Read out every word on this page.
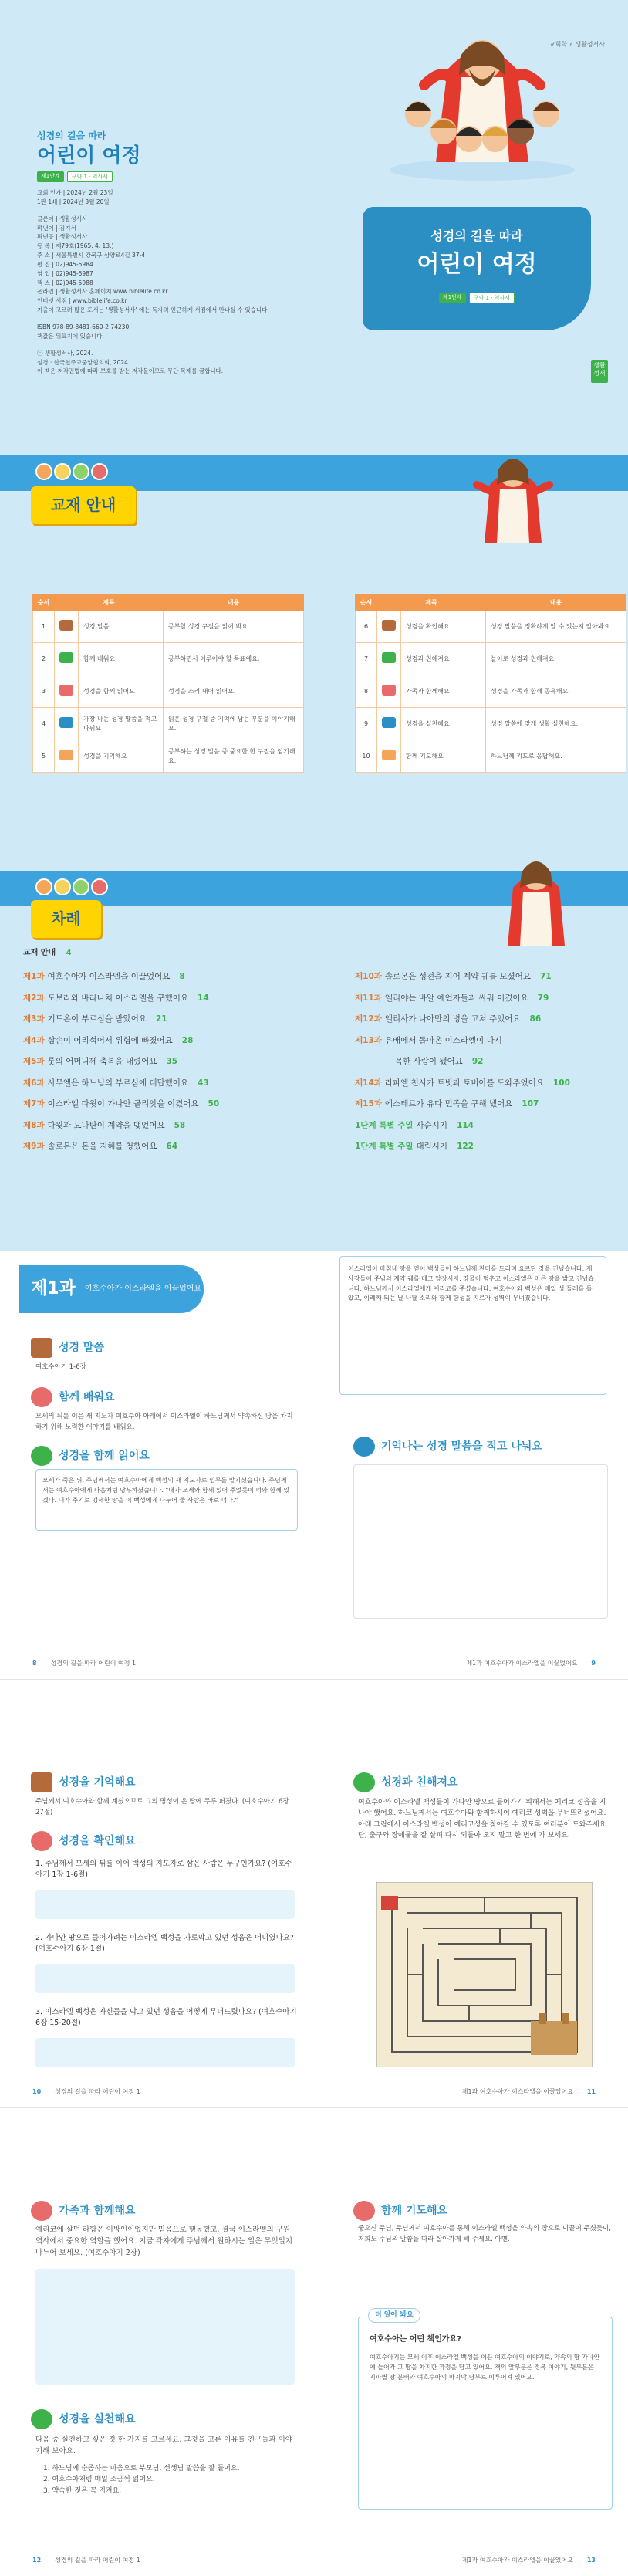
교회학교 생활성서사
성경의 길을 따라
어린이 여정
제1단계	구약 1 · 역사서
교회 인가 | 2024년 2월 23일
1판 1쇄 | 2024년 3월 20일
글쓴이 | 생활성서사
펴낸이 | 김기서
펴낸곳 | 생활성서사
등 록 | 제79호(1965. 4. 13.)
주 소 | 서울특별시 강북구 삼양로4길 37-4
편 집 | 02)945-5984
영 업 | 02)945-5987
팩 스 | 02)945-5988
온라인 | 생활성서사 홈페이지 www.biblelife.co.kr
인터넷 서점 | www.biblelife.co.kr
기출이 고르려 많은 도서는 '생활성서사' 에는 독자의 인근하게 서점에서 만나실 수 있습니다.
ISBN 978-89-8481-660-2 74230
책값은 뒤표지에 있습니다.
ⓒ 생활성서사, 2024.
성경 · 한국천주교중앙협의회, 2024.
이 책은 저작권법에 따라 보호를 받는 저작물이므로 무단 복제를 금합니다.
성경의 길을 따라
어린이 여정
제1단계	구약 1 · 역사서
생활 성서
교재 안내
순서	제목		내용
1		성경 말씀	공부할 성경 구절을 읽어 봐요.
2		함께 배워요	공부하면서 이루어야 할 목표예요.
3		성경을 함께 읽어요	성경을 소리 내어 읽어요.
4		가장 나는 성경 말씀을 적고 나눠요	읽은 성경 구절 중 기억에 남는 부분을 이야기해요.
5		성경을 기억해요	공부하는 성경 말씀 중 중요한 한 구절을 암기해요.
순서	제목		내용
6		성경을 확인해요	성경 말씀을 정확하게 알 수 있는지 알아봐요.
7		성경과 친해져요	놀이로 성경과 친해져요.
8		가족과 함께해요	성경을 가족과 함께 공유해요.
9		성경을 실천해요	성경 말씀에 맞게 생활 실천해요.
10		함께 기도해요	하느님께 기도로 응답해요.
차례
교재 안내 4
제1과 여호수아가 이스라엘을 이끌었어요 8
제2과 도보라와 바라나쳐 이스라엘을 구했어요 14
제3과 기드온이 부르심을 받았어요 21
제4과 삼손이 어리석어서 위험에 빠졌어요 28
제5과 룻의 어머니께 축복을 내렸어요 35
제6과 사무엘은 하느님의 부르심에 대답했어요 43
제7과 이스라엘 다윗이 가나안 골리앗을 이겼어요 50
제8과 다윗과 요나탄이 계약을 맺었어요 58
제9과 솔로몬은 돈을 지혜를 청했어요 64
제10과 솔로몬은 성전을 지어 계약 궤를 모셨어요 71
제11과 엘리야는 바알 예언자들과 싸워 이겼어요 79
제12과 엘리사가 나아만의 병을 고쳐 주었어요 86
제13과 유배에서 돌아온 이스라엘이 다시
목한 사람이 됐어요 92
제14과 라파엘 천사가 토빗과 토비아를 도와주었어요 100
제15과 에스테르가 유다 민족을 구해 냈어요 107
1단계 특별 주일 사순시기 114
1단계 특별 주일 대림시기 122
제1과 여호수아가 이스라엘을 이끌었어요
성경 말씀
여호수아기 1-6장
함께 배워요
모세의 뒤를 이은 새 지도자 여호수아 아래에서 이스라엘이 하느님께서 약속하신 땅을 차지하기 위해 노력한 이야기를 배워요.
성경을 함께 읽어요
모세가 죽은 뒤, 주님께서는 여호수아에게 백성의 새 지도자로 임무를 맡기셨습니다. 주님께서는 여호수아에게 다음처럼 당부하셨습니다. "내가 모세와 함께 있어 주었듯이 너와 함께 있겠다. 내가 주기로 맹세한 땅을 이 백성에게 나누어 줄 사람은 바로 너다."
이스라엘이 마침내 땅을 얻어 백성들이 하느님께 찬미를 드리며 요르단 강을 건넜습니다. 제사장들이 주님의 계약 궤를 메고 앞장서자, 강물이 멈추고 이스라엘은 마른 땅을 밟고 건넜습니다. 하느님께서 이스라엘에게 예리코를 주셨습니다. 여호수아와 백성은 매일 성 둘레를 돌았고, 이레째 되는 날 나팔 소리와 함께 함성을 지르자 성벽이 무너졌습니다.
기억나는 성경 말씀을 적고 나눠요
8 성경의 길을 따라 어린이 여정 1	제1과 여호수아가 이스라엘을 이끌었어요 9
성경을 기억해요
주님께서 여호수아와 함께 계셨으므로 그의 명성이 온 땅에 두루 퍼졌다. (여호수아기 6장 27절)
성경을 확인해요
1. 주님께서 모세의 뒤를 이어 백성의 지도자로 삼은 사람은 누구인가요? (여호수아기 1장 1-6절)
2. 가나안 땅으로 들어가려는 이스라엘 백성을 가로막고 있던 성읍은 어디였나요? (여호수아기 6장 1절)
3. 이스라엘 백성은 자신들을 막고 있던 성읍을 어떻게 무너뜨렸나요? (여호수아기 6장 15-20절)
성경과 친해져요
여호수아와 이스라엘 백성들이 가나안 땅으로 들어가기 위해서는 예리코 성읍을 지나야 했어요. 하느님께서는 여호수아와 함께하시어 예리코 성벽을 무너뜨리셨어요. 아래 그림에서 이스라엘 백성이 예리코성을 찾아갈 수 있도록 여러분이 도와주세요. 단, 출구와 장애물을 잘 살펴 다시 되돌아 오지 말고 한 번에 가 보세요.
10 성경의 길을 따라 어린이 여정 1	제1과 여호수아가 이스라엘을 이끌었어요 11
가족과 함께해요
예리코에 살던 라합은 이방인이었지만 믿음으로 행동했고, 결국 이스라엘의 구원 역사에서 중요한 역할을 했어요. 지금 각자에게 주님께서 원하시는 일은 무엇일지 나누어 보세요. (여호수아기 2장)
성경을 실천해요
다음 중 실천하고 싶은 것 한 가지를 고르세요. 그것을 고른 이유를 친구들과 이야기해 보아요.
1. 하느님께 순종하는 마음으로 부모님, 선생님 말씀을 잘 들어요.
2. 여호수아처럼 매일 조금씩 읽어요.
3. 약속한 것은 꼭 지켜요.
함께 기도해요
좋으신 주님, 주님께서 여호수아를 통해 이스라엘 백성을 약속의 땅으로 이끌어 주셨듯이, 저희도 주님의 말씀을 따라 살아가게 해 주세요. 아멘.
더 알아 봐요
여호수아는 어떤 책인가요?
여호수아기는 모세 이후 이스라엘 백성을 이끈 여호수아의 이야기로, 약속의 땅 가나안에 들어가 그 땅을 차지한 과정을 담고 있어요. 책의 앞부분은 정복 이야기, 뒷부분은 지파별 땅 분배와 여호수아의 마지막 당부로 이루어져 있어요.
12 성경의 길을 따라 어린이 여정 1	제1과 여호수아가 이스라엘을 이끌었어요 13
